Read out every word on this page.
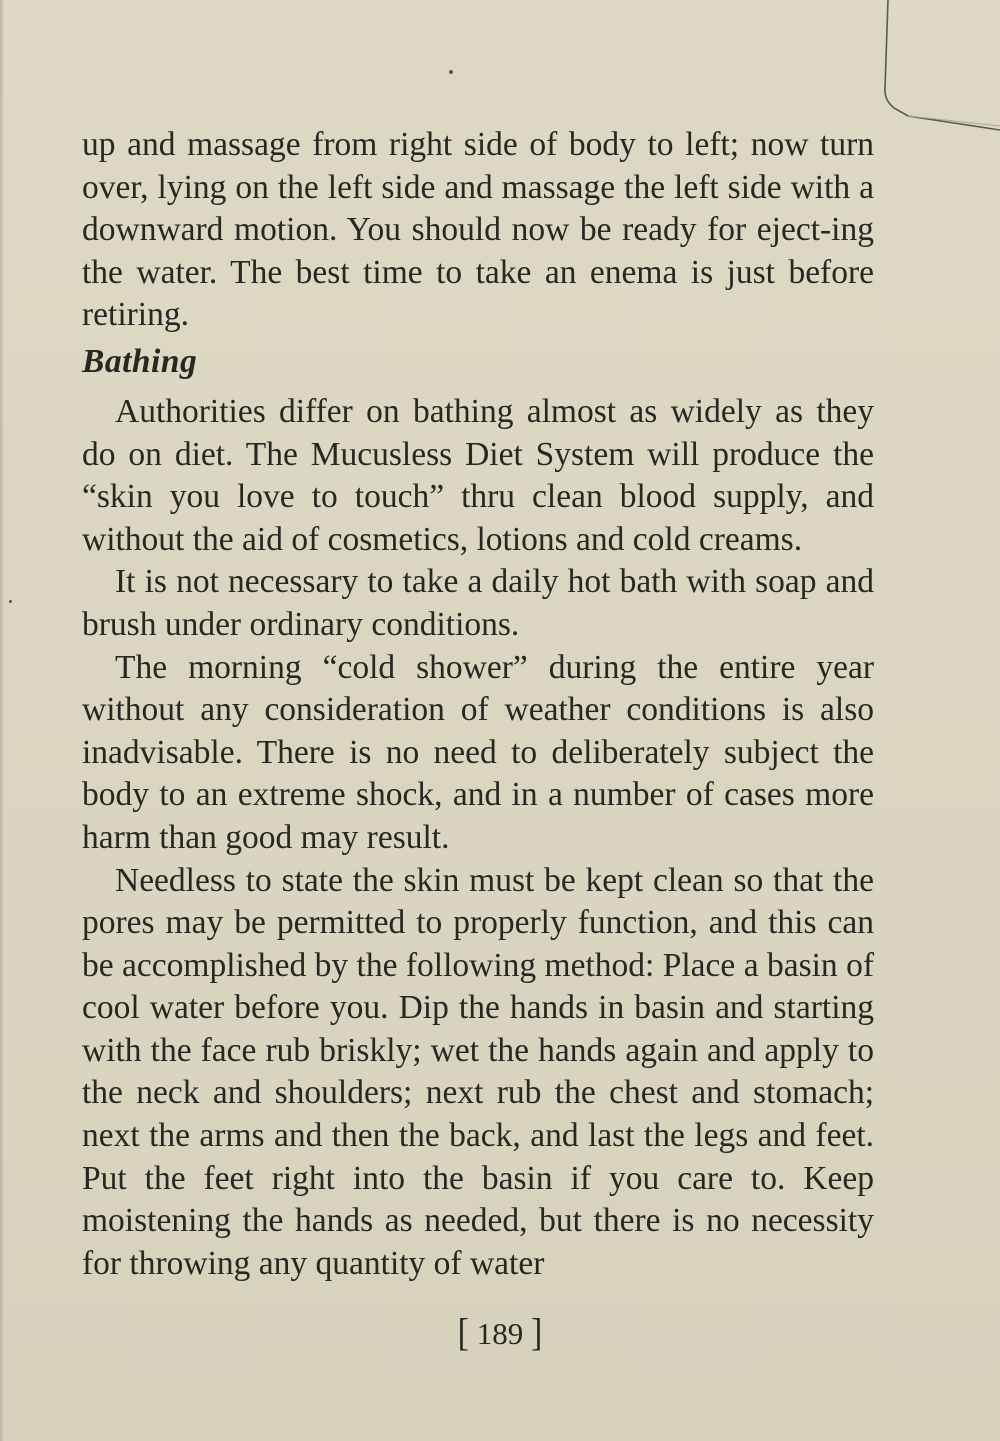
up and massage from right side of body to left; now turn over, lying on the left side and massage the left side with a downward motion. You should now be ready for eject-ing the water. The best time to take an enema is just before retiring.

Bathing

Authorities differ on bathing almost as widely as they do on diet. The Mucusless Diet System will produce the “skin you love to touch” thru clean blood supply, and without the aid of cosmetics, lotions and cold creams.

It is not necessary to take a daily hot bath with soap and brush under ordinary conditions.

The morning “cold shower” during the entire year without any consideration of weather conditions is also inadvisable. There is no need to deliberately subject the body to an extreme shock, and in a number of cases more harm than good may result.

Needless to state the skin must be kept clean so that the pores may be permitted to properly function, and this can be accomplished by the following method: Place a basin of cool water before you. Dip the hands in basin and starting with the face rub briskly; wet the hands again and apply to the neck and shoulders; next rub the chest and stomach; next the arms and then the back, and last the legs and feet. Put the feet right into the basin if you care to. Keep moistening the hands as needed, but there is no necessity for throwing any quantity of water

[ 189 ]
